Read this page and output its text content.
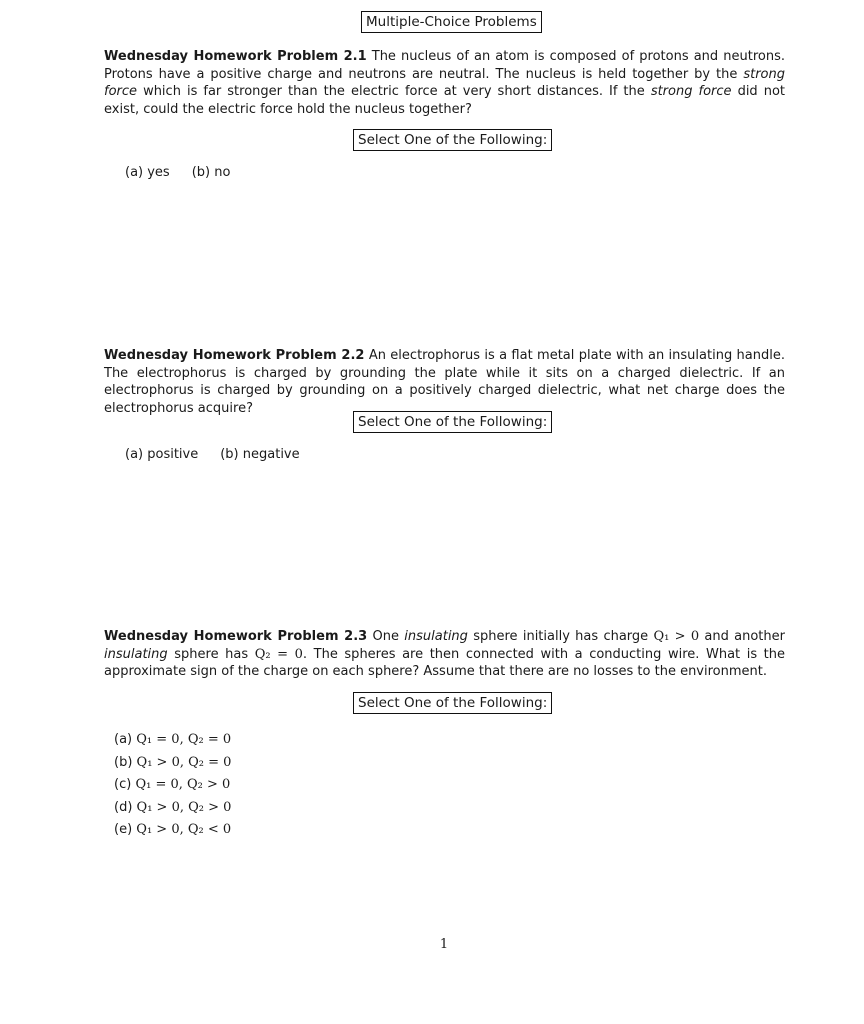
Multiple-Choice Problems
Wednesday Homework Problem 2.1 The nucleus of an atom is composed of protons and neutrons. Protons have a positive charge and neutrons are neutral. The nucleus is held together by the strong force which is far stronger than the electric force at very short distances. If the strong force did not exist, could the electric force hold the nucleus together?
Select One of the Following:
(a) yes (b) no
Wednesday Homework Problem 2.2 An electrophorus is a flat metal plate with an insulating handle. The electrophorus is charged by grounding the plate while it sits on a charged dielectric. If an electrophorus is charged by grounding on a positively charged dielectric, what net charge does the electrophorus acquire?
Select One of the Following:
(a) positive (b) negative
Wednesday Homework Problem 2.3 One insulating sphere initially has charge Q₁ > 0 and another insulating sphere has Q₂ = 0. The spheres are then connected with a conducting wire. What is the approximate sign of the charge on each sphere? Assume that there are no losses to the environment.
Select One of the Following:
(a) Q₁ = 0, Q₂ = 0
(b) Q₁ > 0, Q₂ = 0
(c) Q₁ = 0, Q₂ > 0
(d) Q₁ > 0, Q₂ > 0
(e) Q₁ > 0, Q₂ < 0
1
